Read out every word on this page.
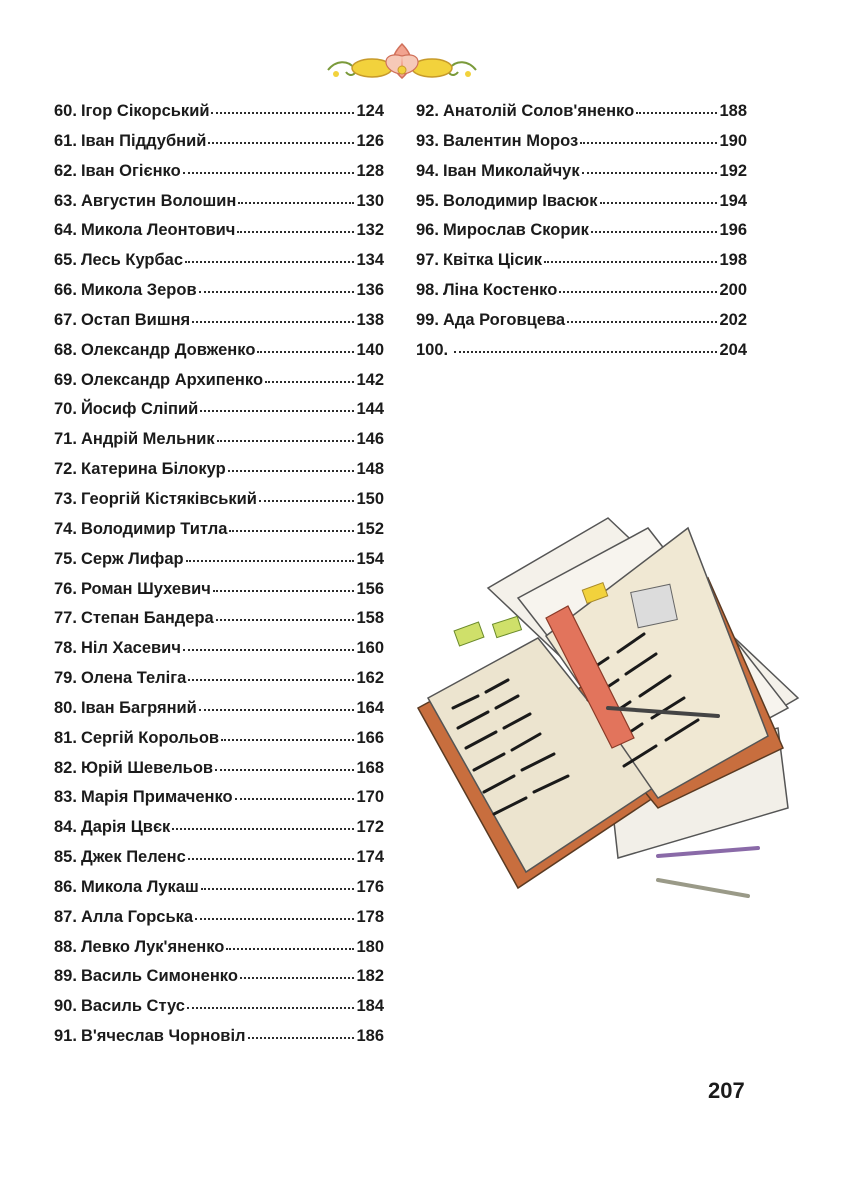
60. Ігор Сікорський	124
61. Іван Піддубний	126
62. Іван Огієнко	128
63. Августин Волошин	130
64. Микола Леонтович	132
65. Лесь Курбас	134
66. Микола Зеров	136
67. Остап Вишня	138
68. Олександр Довженко	140
69. Олександр Архипенко	142
70. Йосиф Сліпий	144
71. Андрій Мельник	146
72. Катерина Білокур	148
73. Георгій Кістяківський	150
74. Володимир Титла	152
75. Серж Лифар	154
76. Роман Шухевич	156
77. Степан Бандера	158
78. Ніл Хасевич	160
79. Олена Теліга	162
80. Іван Багряний	164
81. Сергій Корольов	166
82. Юрій Шевельов	168
83. Марія Примаченко	170
84. Дарія Цвєк	172
85. Джек Пеленс	174
86. Микола Лукаш	176
87. Алла Горська	178
88. Левко Лук'яненко	180
89. Василь Симоненко	182
90. Василь Стус	184
91. В'ячеслав Чорновіл	186
92. Анатолій Солов'яненко	188
93. Валентин Мороз	190
94. Іван Миколайчук	192
95. Володимир Івасюк	194
96. Мирослав Скорик	196
97. Квітка Цісик	198
98. Ліна Костенко	200
99. Ада Роговцева	202
100.	204
207
